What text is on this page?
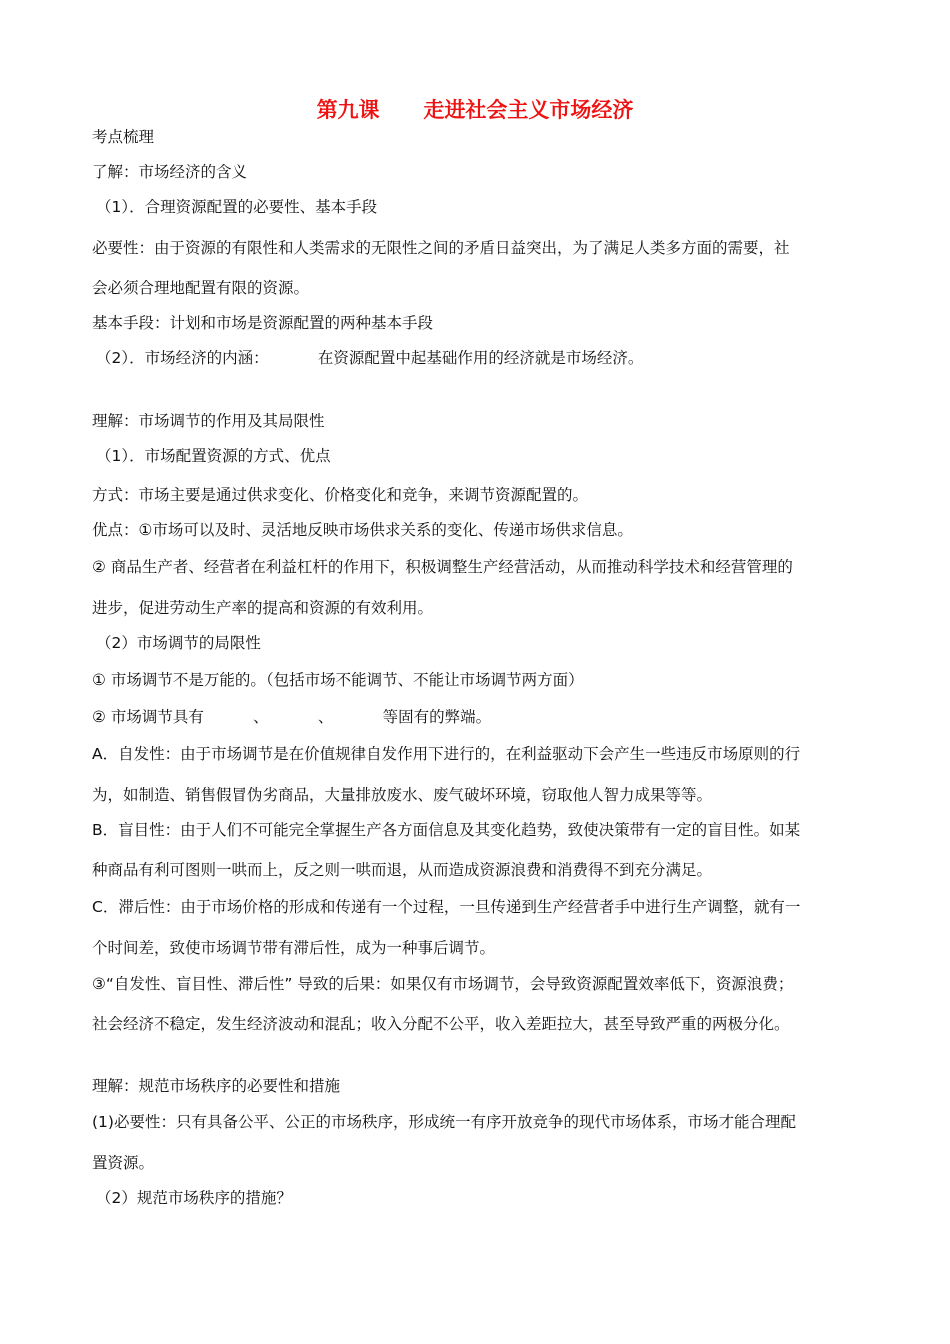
第九课      走进社会主义市场经济
考点梳理
了解：市场经济的含义
（1）．合理资源配置的必要性、基本手段
必要性：由于资源的有限性和人类需求的无限性之间的矛盾日益突出，为了满足人类多方面的需要，社
会必须合理地配置有限的资源。
基本手段：计划和市场是资源配置的两种基本手段
（2）．市场经济的内涵：          在资源配置中起基础作用的经济就是市场经济。
理解：市场调节的作用及其局限性
（1）．市场配置资源的方式、优点
方式：市场主要是通过供求变化、价格变化和竞争，来调节资源配置的。
优点：①市场可以及时、灵活地反映市场供求关系的变化、传递市场供求信息。
② 商品生产者、经营者在利益杠杆的作用下，积极调整生产经营活动，从而推动科学技术和经营管理的
进步，促进劳动生产率的提高和资源的有效利用。
（2）市场调节的局限性
① 市场调节不是万能的。（包括市场不能调节、不能让市场调节两方面）
② 市场调节具有          、          、          等固有的弊端。
A．自发性：由于市场调节是在价值规律自发作用下进行的，在利益驱动下会产生一些违反市场原则的行
为，如制造、销售假冒伪劣商品，大量排放废水、废气破坏环境，窃取他人智力成果等等。
B．盲目性：由于人们不可能完全掌握生产各方面信息及其变化趋势，致使决策带有一定的盲目性。如某
种商品有利可图则一哄而上，反之则一哄而退，从而造成资源浪费和消费得不到充分满足。
C．滞后性：由于市场价格的形成和传递有一个过程，一旦传递到生产经营者手中进行生产调整，就有一
个时间差，致使市场调节带有滞后性，成为一种事后调节。
③“自发性、盲目性、滞后性” 导致的后果：如果仅有市场调节，会导致资源配置效率低下，资源浪费；
社会经济不稳定，发生经济波动和混乱；收入分配不公平，收入差距拉大，甚至导致严重的两极分化。
理解：规范市场秩序的必要性和措施
(1)必要性：只有具备公平、公正的市场秩序，形成统一有序开放竞争的现代市场体系，市场才能合理配
置资源。
（2）规范市场秩序的措施？
